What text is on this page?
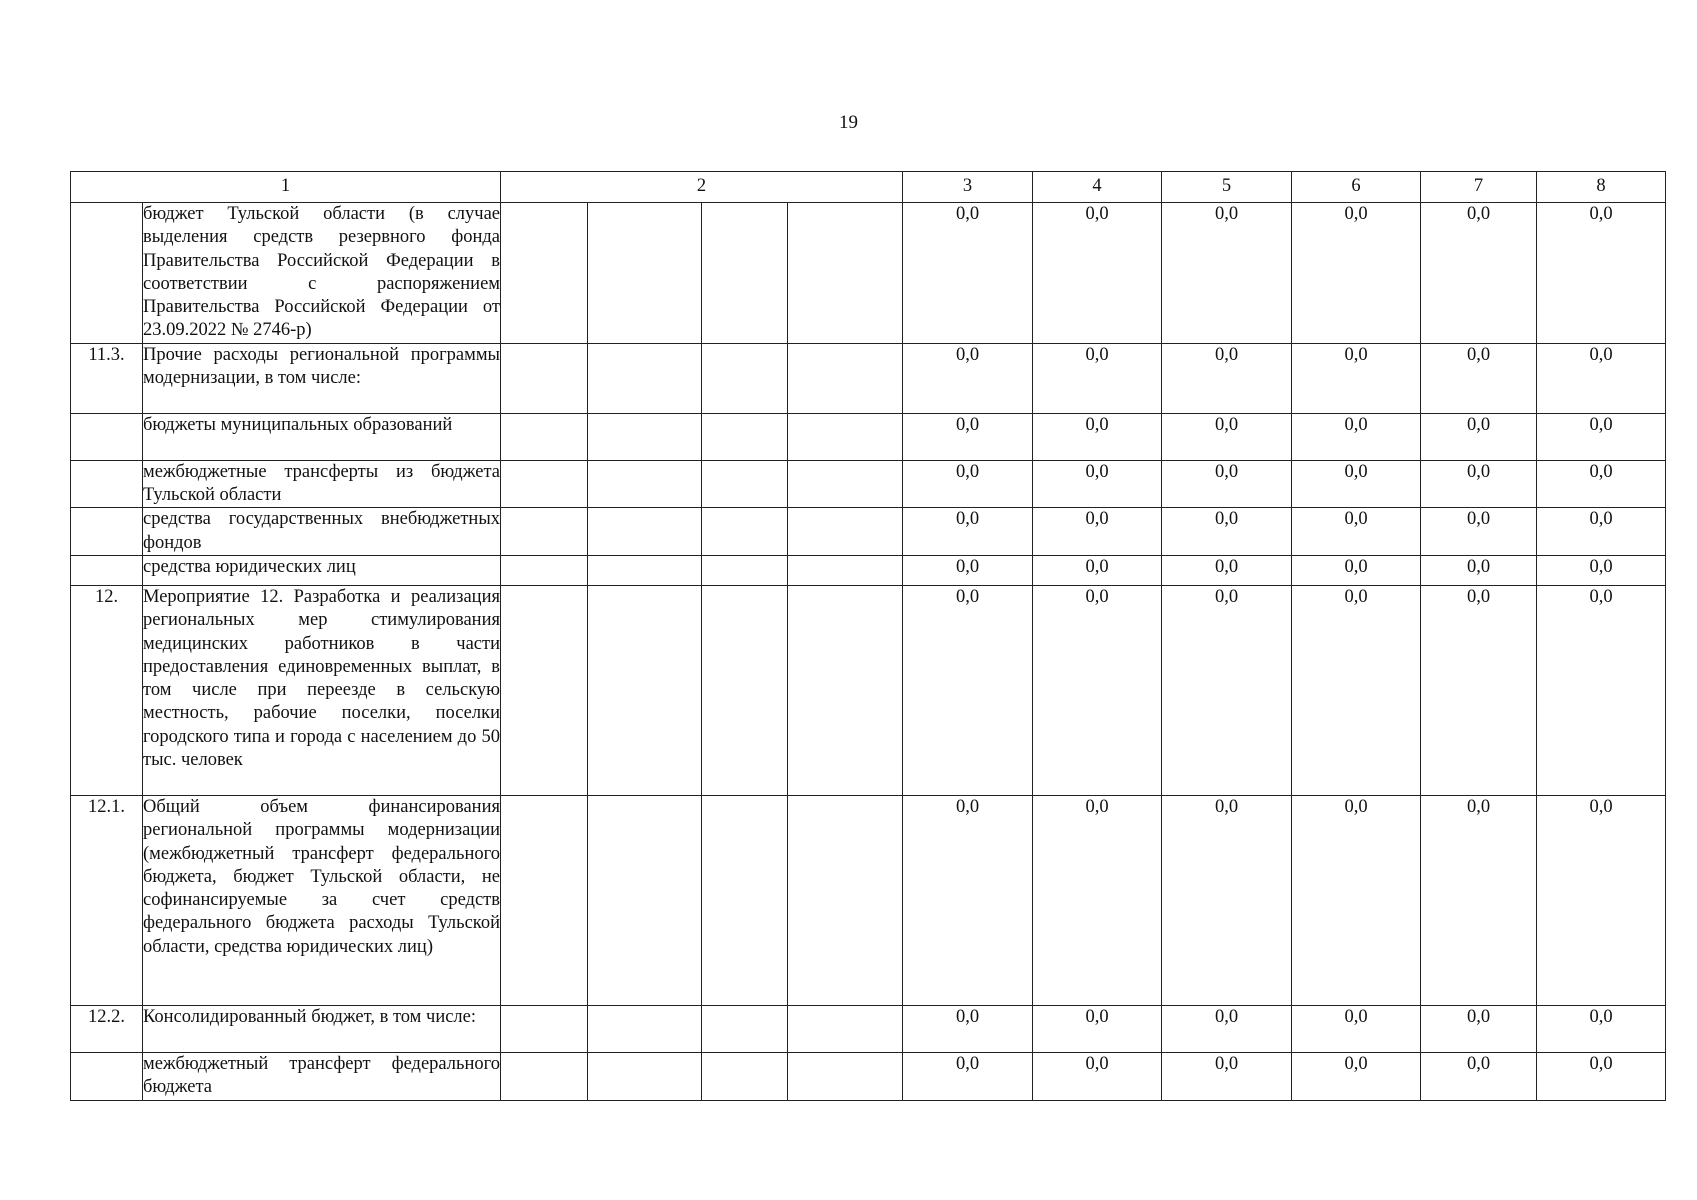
19
1		2				3	4	5	6	7	8
	бюджет Тульской области (в случае выделения средств резервного фонда Правительства Российской Федерации в соответствии с распоряжением Правительства Российской Федерации от 23.09.2022 № 2746-р)					0,0	0,0	0,0	0,0	0,0	0,0
11.3.	Прочие расходы региональной программы модернизации, в том числе:					0,0	0,0	0,0	0,0	0,0	0,0
	бюджеты муниципальных образований					0,0	0,0	0,0	0,0	0,0	0,0
	межбюджетные трансферты из бюджета Тульской области					0,0	0,0	0,0	0,0	0,0	0,0
	средства государственных внебюджетных фондов					0,0	0,0	0,0	0,0	0,0	0,0
	средства юридических лиц					0,0	0,0	0,0	0,0	0,0	0,0
12.	Мероприятие 12. Разработка и реализация региональных мер стимулирования медицинских работников в части предоставления единовременных выплат, в том числе при переезде в сельскую местность, рабочие поселки, поселки городского типа и города с населением до 50 тыс. человек					0,0	0,0	0,0	0,0	0,0	0,0
12.1.	Общий объем финансирования региональной программы модернизации (межбюджетный трансферт федерального бюджета, бюджет Тульской области, не софинансируемые за счет средств федерального бюджета расходы Тульской области, средства юридических лиц)					0,0	0,0	0,0	0,0	0,0	0,0
12.2.	Консолидированный бюджет, в том числе:					0,0	0,0	0,0	0,0	0,0	0,0
	межбюджетный трансферт федерального бюджета					0,0	0,0	0,0	0,0	0,0	0,0
